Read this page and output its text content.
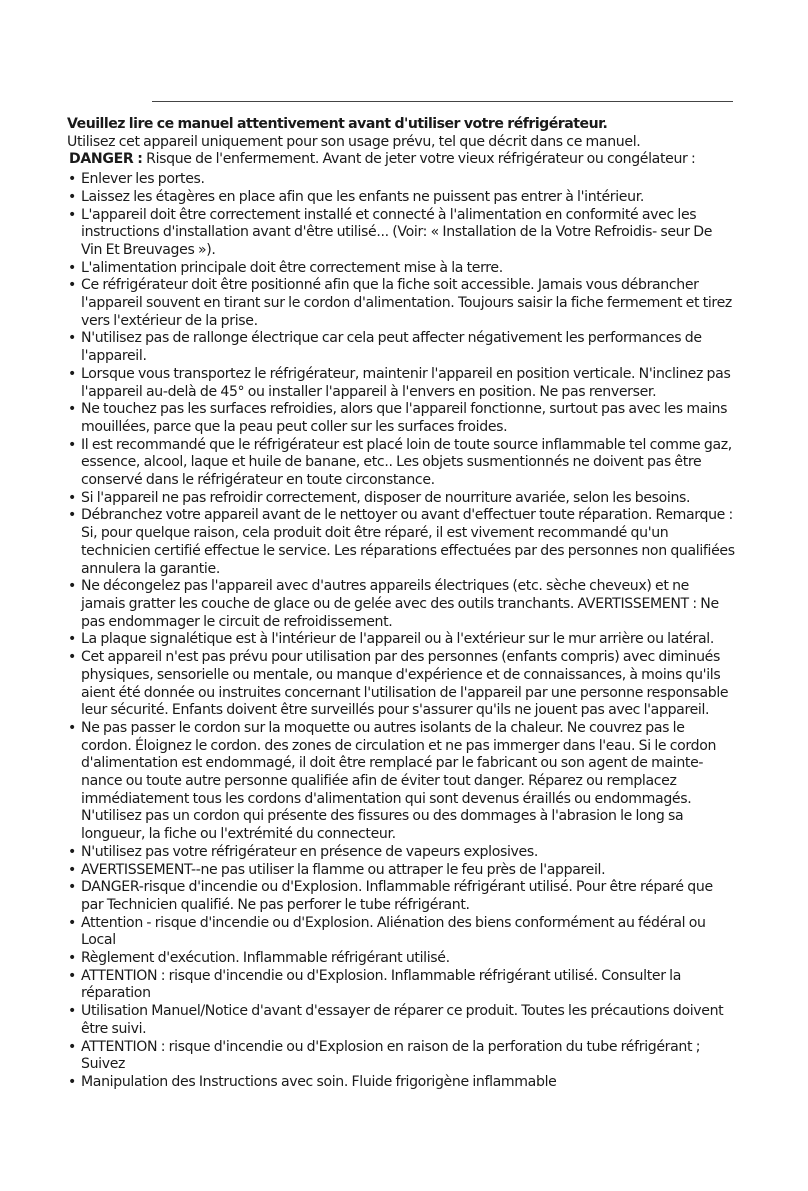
Veuillez lire ce manuel attentivement avant d'utiliser votre réfrigérateur.

Utilisez cet appareil uniquement pour son usage prévu, tel que décrit dans ce manuel.

DANGER : Risque de l'enfermement. Avant de jeter votre vieux réfrigérateur ou congélateur :

• Enlever les portes.
• Laissez les étagères en place afin que les enfants ne puissent pas entrer à l'intérieur.
• L'appareil doit être correctement installé et connecté à l'alimentation en conformité avec les instructions d'installation avant d'être utilisé... (Voir: « Installation de la Votre Refroidis- seur De Vin Et Breuvages »).
• L'alimentation principale doit être correctement mise à la terre.
• Ce réfrigérateur doit être positionné afin que la fiche soit accessible. Jamais vous débrancher l'appareil souvent en tirant sur le cordon d'alimentation. Toujours saisir la fiche fermement et tirez vers l'extérieur de la prise.
• N'utilisez pas de rallonge électrique car cela peut affecter négativement les performances de l'appareil.
• Lorsque vous transportez le réfrigérateur, maintenir l'appareil en position verticale. N'inclinez pas l'appareil au-delà de 45° ou installer l'appareil à l'envers en position. Ne pas renverser.
• Ne touchez pas les surfaces refroidies, alors que l'appareil fonctionne, surtout pas avec les mains mouillées, parce que la peau peut coller sur les surfaces froides.
• Il est recommandé que le réfrigérateur est placé loin de toute source inflammable tel comme gaz, essence, alcool, laque et huile de banane, etc.. Les objets susmentionnés ne doivent pas être conservé dans le réfrigérateur en toute circonstance.
• Si l'appareil ne pas refroidir correctement, disposer de nourriture avariée, selon les besoins.
• Débranchez votre appareil avant de le nettoyer ou avant d'effectuer toute réparation. Remarque : Si, pour quelque raison, cela produit doit être réparé, il est vivement recommandé qu'un technicien certifié effectue le service. Les réparations effectuées par des personnes non qualifiées annulera la garantie.
• Ne décongelez pas l'appareil avec d'autres appareils électriques (etc. sèche cheveux) et ne jamais gratter les couche de glace ou de gelée avec des outils tranchants. AVERTISSEMENT : Ne pas endommager le circuit de refroidissement.
• La plaque signalétique est à l'intérieur de l'appareil ou à l'extérieur sur le mur arrière ou latéral.
• Cet appareil n'est pas prévu pour utilisation par des personnes (enfants compris) avec diminués physiques, sensorielle ou mentale, ou manque d'expérience et de connaissances, à moins qu'ils aient été donnée ou instruites concernant l'utilisation de l'appareil par une personne responsable leur sécurité. Enfants doivent être surveillés pour s'assurer qu'ils ne jouent pas avec l'appareil.
• Ne pas passer le cordon sur la moquette ou autres isolants de la chaleur. Ne couvrez pas le cordon. Éloignez le cordon. des zones de circulation et ne pas immerger dans l'eau. Si le cordon d'alimentation est endommagé, il doit être remplacé par le fabricant ou son agent de mainte- nance ou toute autre personne qualifiée afin de éviter tout danger. Réparez ou remplacez immédiatement tous les cordons d'alimentation qui sont devenus éraillés ou endommagés. N'utilisez pas un cordon qui présente des fissures ou des dommages à l'abrasion le long sa longueur, la fiche ou l'extrémité du connecteur.
• N'utilisez pas votre réfrigérateur en présence de vapeurs explosives.
• AVERTISSEMENT--ne pas utiliser la flamme ou attraper le feu près de l'appareil.
• DANGER-risque d'incendie ou d'Explosion. Inflammable réfrigérant utilisé. Pour être réparé que par Technicien qualifié. Ne pas perforer le tube réfrigérant.
• Attention - risque d'incendie ou d'Explosion. Aliénation des biens conformément au fédéral ou Local
• Règlement d'exécution. Inflammable réfrigérant utilisé.
• ATTENTION : risque d'incendie ou d'Explosion. Inflammable réfrigérant utilisé. Consulter la réparation
• Utilisation Manuel/Notice d'avant d'essayer de réparer ce produit. Toutes les précautions doivent être suivi.
• ATTENTION : risque d'incendie ou d'Explosion en raison de la perforation du tube réfrigérant ; Suivez
• Manipulation des Instructions avec soin. Fluide frigorigène inflammable
